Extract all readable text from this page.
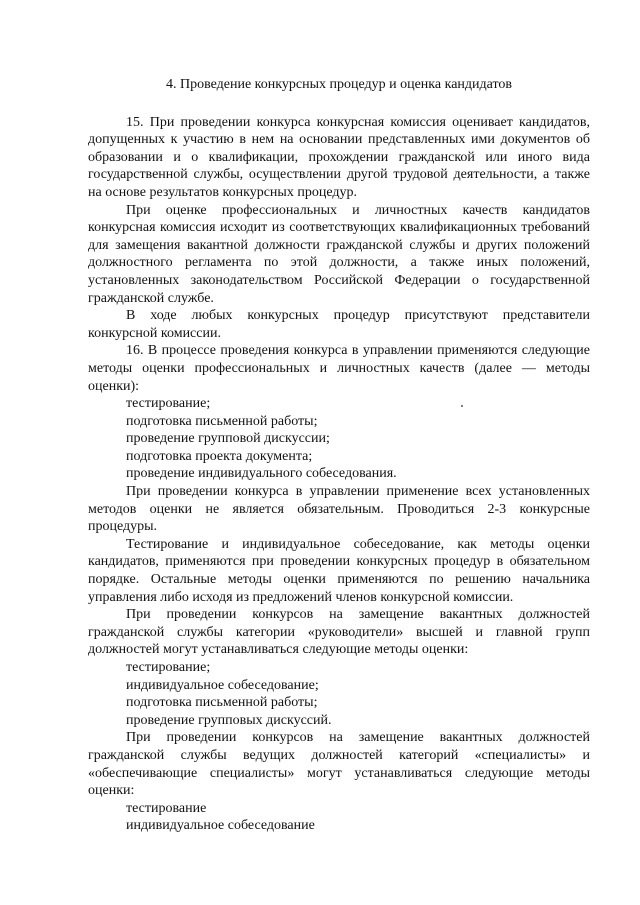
4. Проведение конкурсных процедур и оценка кандидатов

15. При проведении конкурса конкурсная комиссия оценивает кандидатов, допущенных к участию в нем на основании представленных ими документов об образовании и о квалификации, прохождении гражданской или иного вида государственной службы, осуществлении другой трудовой деятельности, а также на основе результатов конкурсных процедур.

При оценке профессиональных и личностных качеств кандидатов конкурсная комиссия исходит из соответствующих квалификационных требований для замещения вакантной должности гражданской службы и других положений должностного регламента по этой должности, а также иных положений, установленных законодательством Российской Федерации о государственной гражданской службе.

В ходе любых конкурсных процедур присутствуют представители конкурсной комиссии.

16. В процессе проведения конкурса в управлении применяются следующие методы оценки профессиональных и личностных качеств (далее — методы оценки):

тестирование;

подготовка письменной работы;

проведение групповой дискуссии;

подготовка проекта документа;

проведение индивидуального собеседования.

При проведении конкурса в управлении применение всех установленных методов оценки не является обязательным. Проводиться 2-3 конкурсные процедуры.

Тестирование и индивидуальное собеседование, как методы оценки кандидатов, применяются при проведении конкурсных процедур в обязательном порядке. Остальные методы оценки применяются по решению начальника управления либо исходя из предложений членов конкурсной комиссии.

При проведении конкурсов на замещение вакантных должностей гражданской службы категории «руководители» высшей и главной групп должностей могут устанавливаться следующие методы оценки:

тестирование;

индивидуальное собеседование;

подготовка письменной работы;

проведение групповых дискуссий.

При проведении конкурсов на замещение вакантных должностей гражданской службы ведущих должностей категорий «специалисты» и «обеспечивающие специалисты» могут устанавливаться следующие методы оценки:

тестирование

индивидуальное собеседование
